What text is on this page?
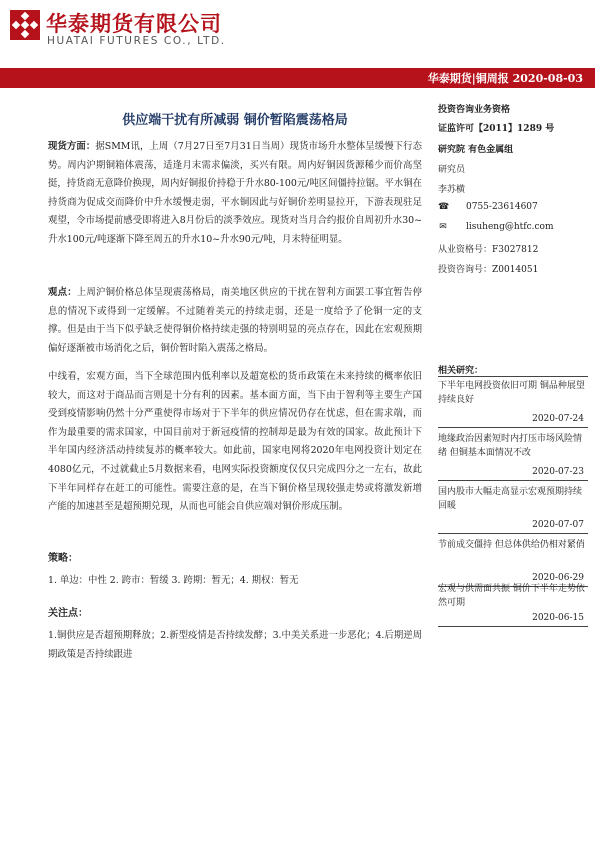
华泰期货有限公司
HUATAI FUTURES CO., LTD.
华泰期货|铜周报 2020-08-03
供应端干扰有所减弱 铜价暂陷震荡格局

现货方面：据SMM讯，上周（7月27日至7月31日当周）现货市场升水整体呈缓慢下行态势。周内沪期铜箱体震荡，适逢月末需求偏淡，买兴有限。周内好铜因货源稀少而价高坚挺，持货商无意降价换现，周内好铜报价持稳于升水80-100元/吨区间僵持拉锯。平水铜在持货商为促成交而降价中升水缓慢走弱，平水铜因此与好铜价差明显拉开，下游表现驻足观望，令市场提前感受即将进入8月份后的淡季效应。现货对当月合约报价自周初升水30~升水100元/吨逐渐下降至周五的升水10~升水90元/吨，月末特征明显。

观点：上周沪铜价格总体呈现震荡格局，南美地区供应的干扰在智利方面罢工事宜暂告停息的情况下或得到一定缓解。不过随着美元的持续走弱，还是一度给予了伦铜一定的支撑。但是由于当下似乎缺乏使得铜价格持续走强的特别明显的亮点存在，因此在宏观预期偏好逐渐被市场消化之后，铜价暂时陷入震荡之格局。

中线看，宏观方面，当下全球范围内低利率以及超宽松的货币政策在未来持续的概率依旧较大，而这对于商品而言则是十分有利的因素。基本面方面，当下由于智利等主要生产国受到疫情影响仍然十分严重使得市场对于下半年的供应情况仍存在忧虑，但在需求端，而作为最重要的需求国家，中国目前对于新冠疫情的控制却是最为有效的国家。故此预计下半年国内经济活动持续复苏的概率较大。如此前，国家电网将2020年电网投资计划定在4080亿元，不过就截止5月数据来看，电网实际投资额度仅仅只完成四分之一左右，故此下半年同样存在赶工的可能性。需要注意的是，在当下铜价格呈现较强走势或将激发新增产能的加速甚至是超预期兑现，从而也可能会自供应端对铜价形成压制。

策略：
1. 单边：中性 2. 跨市：暂缓 3. 跨期：暂无；4. 期权：暂无
关注点：

1.铜供应是否超预期释放；2.新型疫情是否持续发酵；3.中美关系进一步恶化；4.后期逆周期政策是否持续跟进

投资咨询业务资格
证监许可【2011】1289 号
研究院 有色金属组
研究员
李苏横
☎ 0755-23614607
✉ lisuheng@htfc.com
从业资格号：F3027812
投资咨询号：Z0014051
相关研究：
下半年电网投资依旧可期 铜品种展望持续良好
2020-07-24
地缘政治因素短时内打压市场风险情绪 但铜基本面情况不改
2020-07-23
国内股市大幅走高显示宏观预期持续回暖
2020-07-07
节前成交僵持 但总体供给仍相对紧俏
2020-06-29
宏观与供需面共振 铜价下半年走势依然可期
2020-06-15
